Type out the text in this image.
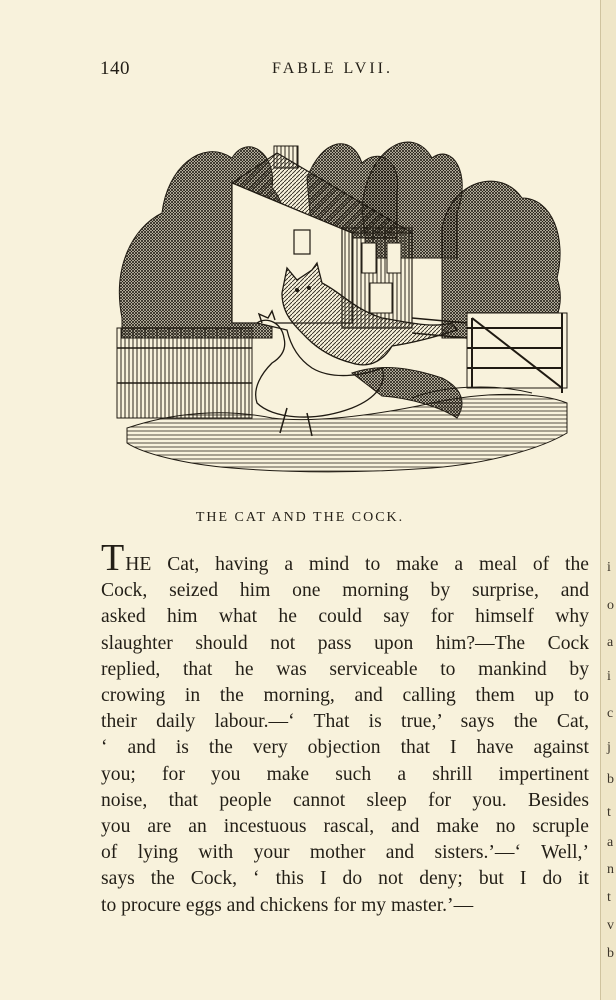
140	FABLE LVII.
THE CAT AND THE COCK.
THE Cat, having a mind to make a meal of the
Cock, seized him one morning by surprise, and
asked him what he could say for himself why
slaughter should not pass upon him?—The Cock
replied, that he was serviceable to mankind by
crowing in the morning, and calling them up to
their daily labour.—‘ That is true,’ says the Cat,
‘ and is the very objection that I have against
you; for you make such a shrill impertinent
noise, that people cannot sleep for you. Besides
you are an incestuous rascal, and make no scruple
of lying with your mother and sisters.’—‘ Well,’
says the Cock, ‘ this I do not deny; but I do it
to procure eggs and chickens for my master.’—
i
o
a
i
c
j
b
t
a
n
t
v
b
